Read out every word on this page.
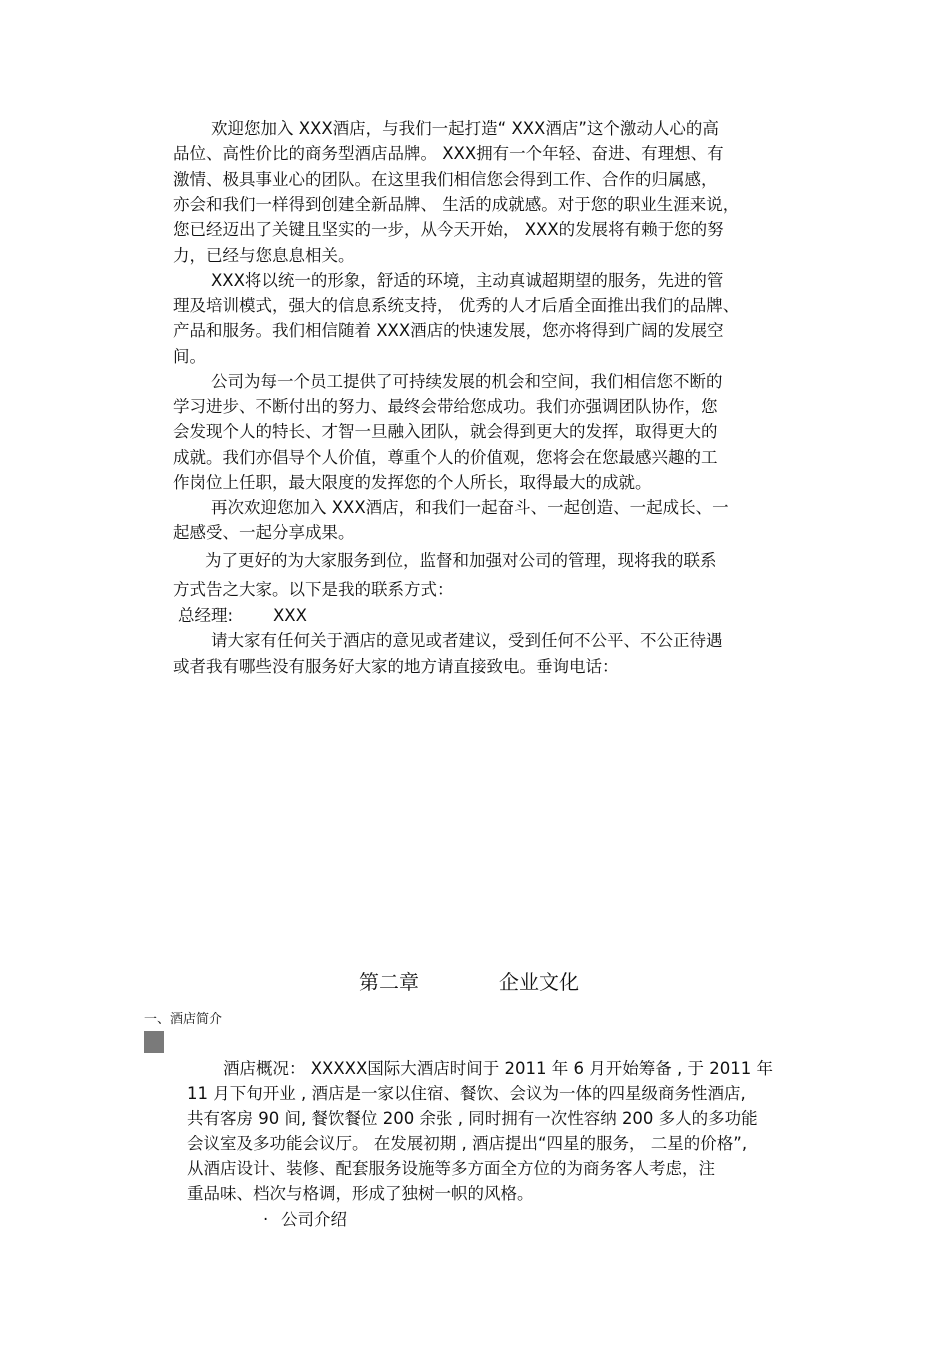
欢迎您加入 XXX酒店，与我们一起打造“ XXX酒店”这个激动人心的高
品位、高性价比的商务型酒店品牌。 XXX拥有一个年轻、奋进、有理想、有
激情、极具事业心的团队。在这里我们相信您会得到工作、合作的归属感，
亦会和我们一样得到创建全新品牌、 生活的成就感。对于您的职业生涯来说，
您已经迈出了关键且坚实的一步，从今天开始， XXX的发展将有赖于您的努
力，已经与您息息相关。
XXX将以统一的形象，舒适的环境，主动真诚超期望的服务，先进的管
理及培训模式，强大的信息系统支持， 优秀的人才后盾全面推出我们的品牌、
产品和服务。我们相信随着 XXX酒店的快速发展，您亦将得到广阔的发展空
间。
公司为每一个员工提供了可持续发展的机会和空间，我们相信您不断的
学习进步、不断付出的努力、最终会带给您成功。我们亦强调团队协作，您
会发现个人的特长、才智一旦融入团队，就会得到更大的发挥，取得更大的
成就。我们亦倡导个人价值，尊重个人的价值观，您将会在您最感兴趣的工
作岗位上任职，最大限度的发挥您的个人所长，取得最大的成就。
再次欢迎您加入 XXX酒店，和我们一起奋斗、一起创造、一起成长、一
起感受、一起分享成果。
为了更好的为大家服务到位，监督和加强对公司的管理，现将我的联系
方式告之大家。以下是我的联系方式：
总经理: XXX
请大家有任何关于酒店的意见或者建议，受到任何不公平、不公正待遇
或者我有哪些没有服务好大家的地方请直接致电。垂询电话：
第二章	企业文化
一、酒店简介
酒店概况： XXXXX国际大酒店时间于 2011 年 6 月开始筹备 , 于 2011 年
11 月下旬开业 , 酒店是一家以住宿、餐饮、会议为一体的四星级商务性酒店,
共有客房 90 间, 餐饮餐位 200 余张 , 同时拥有一次性容纳 200 多人的多功能
会议室及多功能会议厅。 在发展初期 , 酒店提出“四星的服务， 二星的价格”,
从酒店设计、装修、配套服务设施等多方面全方位的为商务客人考虑，注
重品味、档次与格调，形成了独树一帜的风格。
· 公司介绍
